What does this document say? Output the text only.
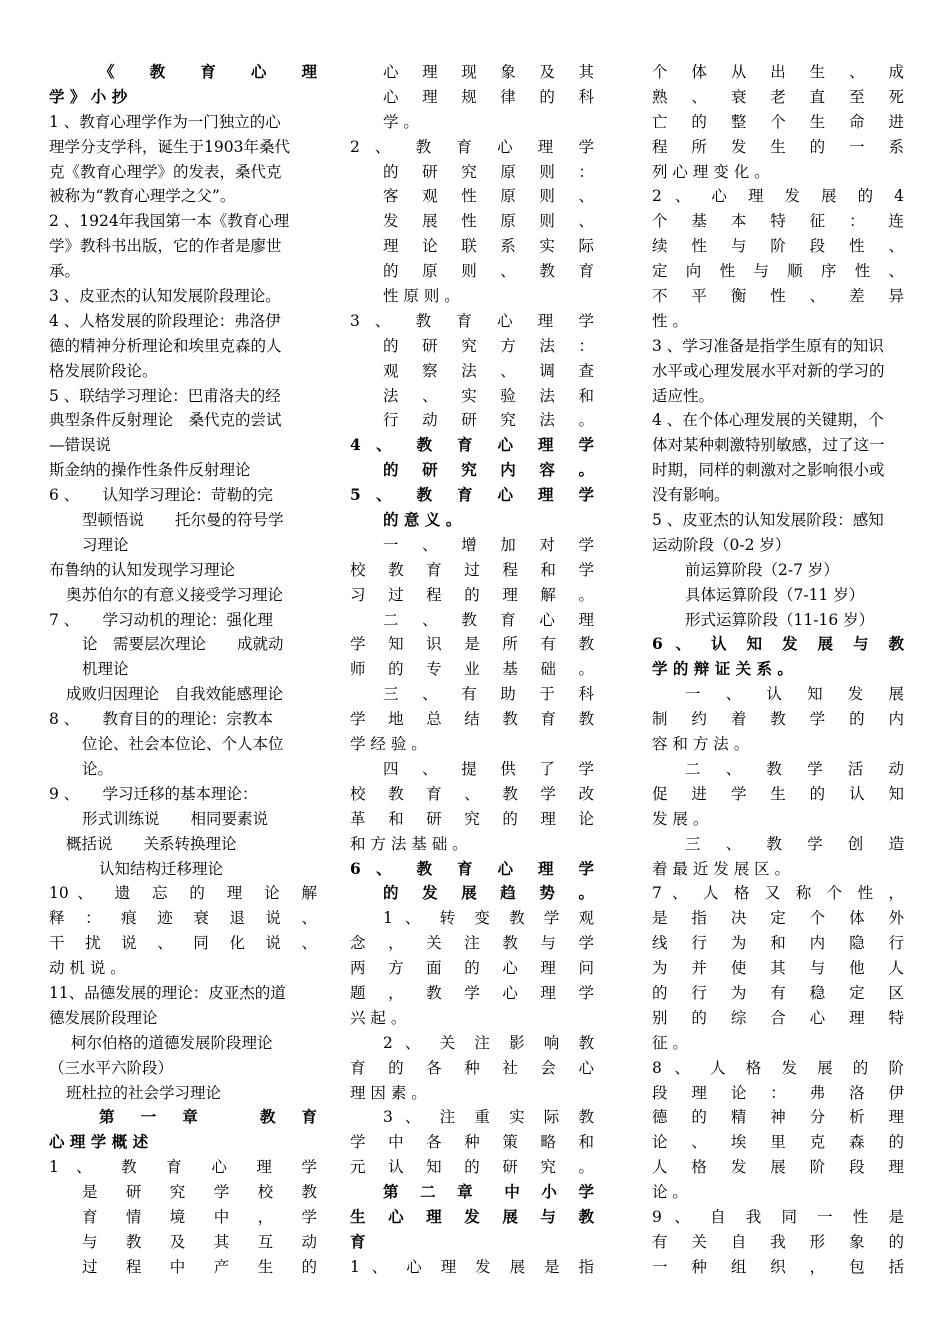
《 教 育 心 理
学 》 小 抄
1 、教育心理学作为一门独立的心
理学分支学科，诞生于1903年桑代
克《教育心理学》的发表，桑代克
被称为“教育心理学之父”。
2 、1924年我国第一本《教育心理
学》教科书出版，它的作者是廖世
承。
3 、皮亚杰的认知发展阶段理论。
4 、人格发展的阶段理论：弗洛伊
德的精神分析理论和埃里克森的人
格发展阶段论。
5 、联结学习理论：巴甫洛夫的经
典型条件反射理论　桑代克的尝试
—错误说
斯金纳的操作性条件反射理论
6 、　　认知学习理论：苛勒的完
型顿悟说　　托尔曼的符号学
习理论
布鲁纳的认知发现学习理论
奥苏伯尔的有意义接受学习理论
7 、　　学习动机的理论：强化理
论　需要层次理论　　成就动
机理论
成败归因理论　自我效能感理论
8 、　　教育目的的理论：宗教本
位论、社会本位论、个人本位
论。
9 、　　学习迁移的基本理论：
形式训练说　　相同要素说
概括说　　关系转换理论
认知结构迁移理论
10、 遗 忘 的 理 论 解
释 ： 痕 迹 衰 退 说 、
干 扰 说 、 同 化 说 、
动 机 说 。
11、品德发展的理论：皮亚杰的道
德发展阶段理论
柯尔伯格的道德发展阶段理论
（三水平六阶段）
班杜拉的社会学习理论
第 一 章　　教 育
心 理 学 概 述
1 、 教 育 心 理 学
是 研 究 学 校 教
育 情 境 中 ， 学
与 教 及 其 互 动
过 程 中 产 生 的
心 理 现 象 及 其
心 理 规 律 的 科
学 。
2 、 教 育 心 理 学
的 研 究 原 则 ：
客 观 性 原 则 、
发 展 性 原 则 、
理 论 联 系 实 际
的 原 则 、 教 育
性 原 则 。
3 、 教 育 心 理 学
的 研 究 方 法 ：
观 察 法 、 调 查
法 、 实 验 法 和
行 动 研 究 法 。
4 、 教 育 心 理 学
的 研 究 内 容 。
5 、 教 育 心 理 学
的 意 义 。
一 、 增 加 对 学
校 教 育 过 程 和 学
习 过 程 的 理 解 。
二 、 教 育 心 理
学 知 识 是 所 有 教
师 的 专 业 基 础 。
三 、 有 助 于 科
学 地 总 结 教 育 教
学 经 验 。
四 、 提 供 了 学
校 教 育 、 教 学 改
革 和 研 究 的 理 论
和 方 法 基 础 。
6 、 教 育 心 理 学
的 发 展 趋 势 。
1 、 转 变 教 学 观
念 ， 关 注 教 与 学
两 方 面 的 心 理 问
题 ， 教 学 心 理 学
兴 起 。
2 、 关 注 影 响 教
育 的 各 种 社 会 心
理 因 素 。
3 、 注 重 实 际 教
学 中 各 种 策 略 和
元 认 知 的 研 究 。
第 二 章　中 小 学
生 心 理 发 展 与 教
育
1 、 心 理 发 展 是 指
个 体 从 出 生 、 成
熟 、 衰 老 直 至 死
亡 的 整 个 生 命 进
程 所 发 生 的 一 系
列 心 理 变 化 。
2 、 心 理 发 展 的 4
个 基 本 特 征 ： 连
续 性 与 阶 段 性 、
定 向 性 与 顺 序 性 、
不 平 衡 性 、 差 异
性 。
3 、学习准备是指学生原有的知识
水平或心理发展水平对新的学习的
适应性。
4 、在个体心理发展的关键期，个
体对某种刺激特别敏感，过了这一
时期，同样的刺激对之影响很小或
没有影响。
5 、皮亚杰的认知发展阶段：感知
运动阶段（0-2 岁）
前运算阶段（2-7 岁）
具体运算阶段（7-11 岁）
形式运算阶段（11-16 岁）
6 、 认 知 发 展 与 教
学 的 辩 证 关 系 。
一 、 认 知 发 展
制 约 着 教 学 的 内
容 和 方 法 。
二 、 教 学 活 动
促 进 学 生 的 认 知
发 展 。
三 、 教 学 创 造
着 最 近 发 展 区 。
7 、 人 格 又 称 个 性 ，
是 指 决 定 个 体 外
线 行 为 和 内 隐 行
为 并 使 其 与 他 人
的 行 为 有 稳 定 区
别 的 综 合 心 理 特
征 。
8 、 人 格 发 展 的 阶
段 理 论 ： 弗 洛 伊
德 的 精 神 分 析 理
论 、 埃 里 克 森 的
人 格 发 展 阶 段 理
论 。
9 、 自 我 同 一 性 是
有 关 自 我 形 象 的
一 种 组 织 ， 包 括
